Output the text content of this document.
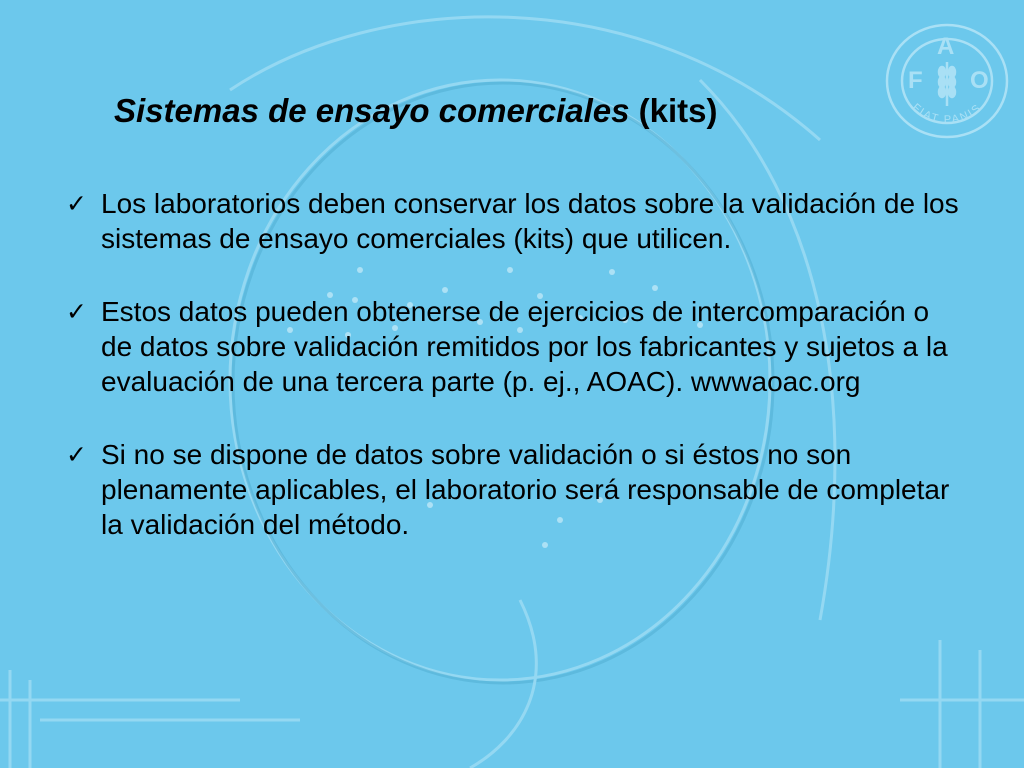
F
A
O
FIAT PANIS
Sistemas de ensayo comerciales (kits)
✓ Los laboratorios deben conservar los datos sobre la validación de los sistemas de ensayo comerciales (kits) que utilicen.
✓ Estos datos pueden obtenerse de ejercicios de intercomparación o de datos sobre validación remitidos por los fabricantes y sujetos a la evaluación de una tercera parte (p. ej., AOAC). wwwaoac.org
✓ Si no se dispone de datos sobre validación o si éstos no son plenamente aplicables, el laboratorio será responsable de completar la validación del método.
